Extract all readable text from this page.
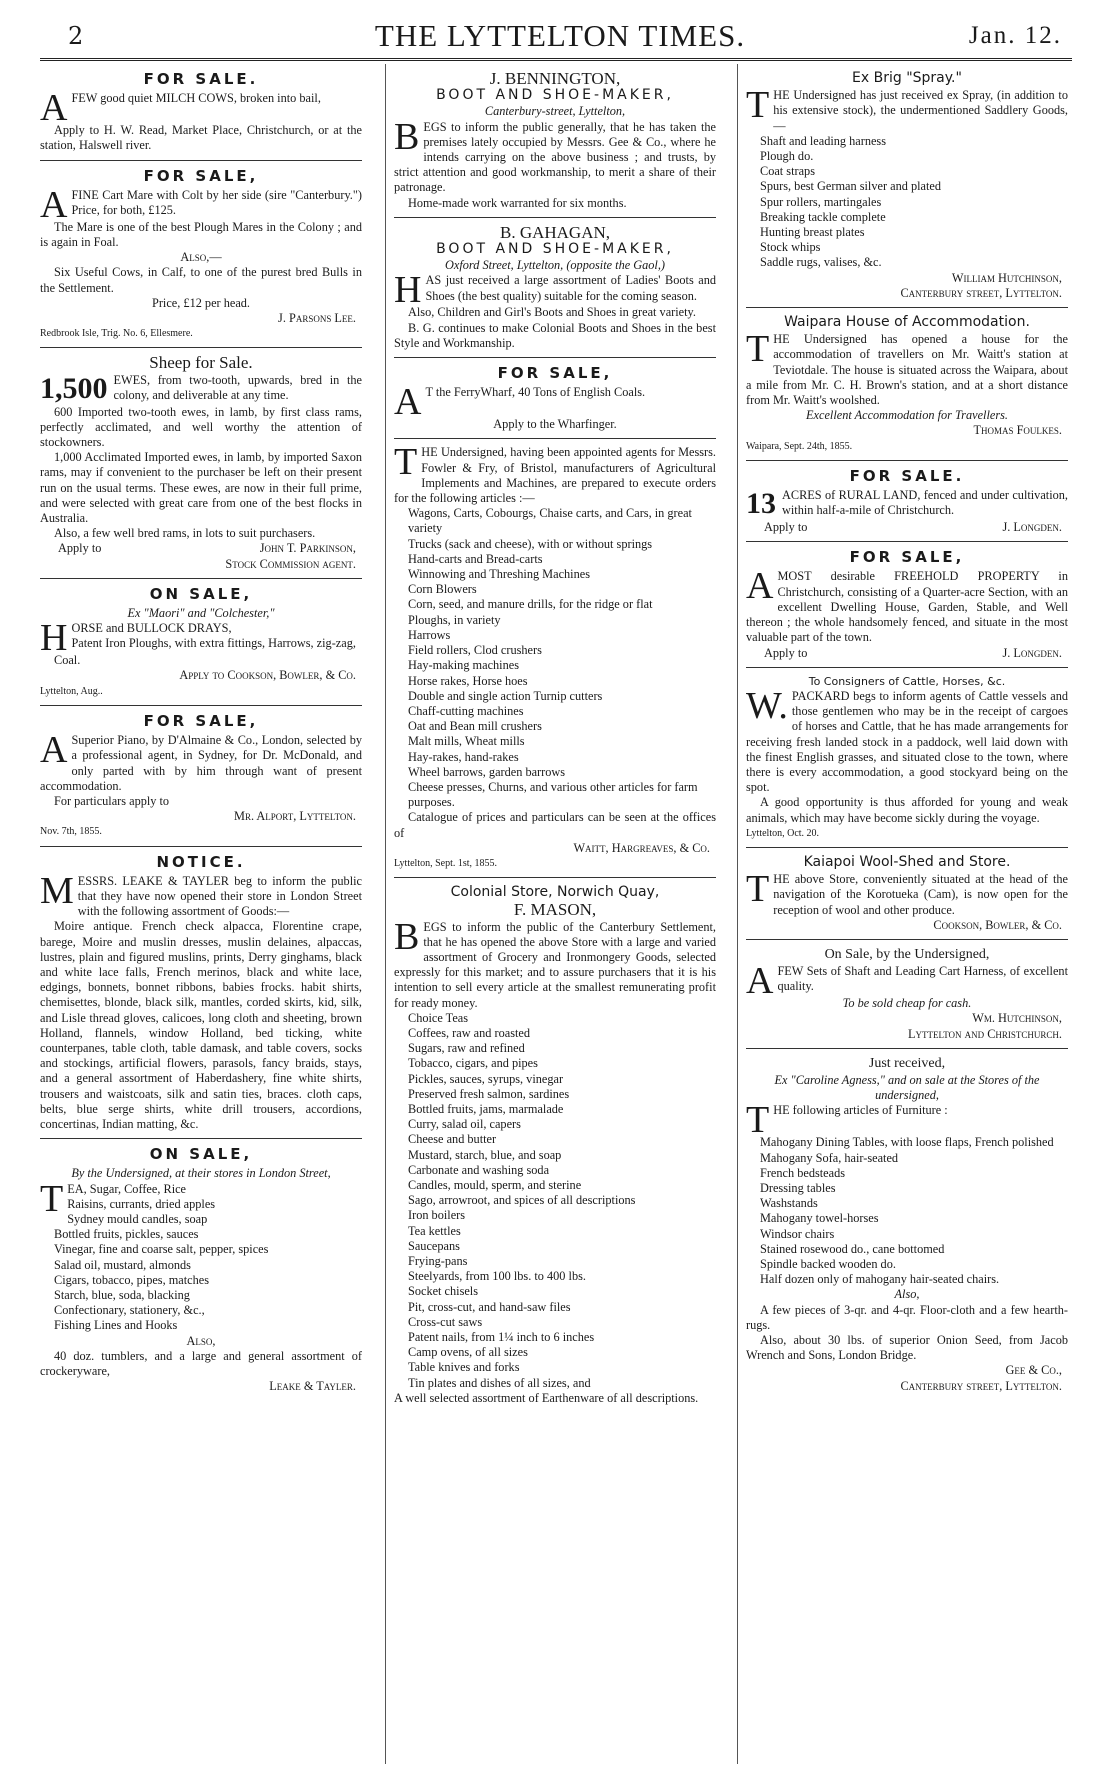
2	THE LYTTELTON TIMES.	Jan. 12.
FOR SALE.

AFEW good quiet MILCH COWS, broken into bail,

Apply to H. W. Read, Market Place, Christchurch, or at the station, Halswell river.

FOR SALE,

AFINE Cart Mare with Colt by her side (sire "Canterbury.") Price, for both, £125.

The Mare is one of the best Plough Mares in the Colony ; and is again in Foal.

Also,—

Six Useful Cows, in Calf, to one of the purest bred Bulls in the Settlement.

Price, £12 per head.
J. Parsons Lee.
Redbrook Isle, Trig. No. 6, Ellesmere.
Sheep for Sale.

1,500 EWES, from two-tooth, upwards, bred in the colony, and deliverable at any time.

600 Imported two-tooth ewes, in lamb, by first class rams, perfectly acclimated, and well worthy the attention of stockowners.

1,000 Acclimated Imported ewes, in lamb, by imported Saxon rams, may if convenient to the purchaser be left on their present run on the usual terms. These ewes, are now in their full prime, and were selected with great care from one of the best flocks in Australia.

Also, a few well bred rams, in lots to suit purchasers.

Apply to	John T. Parkinson,
Stock Commission agent.
ON SALE,
Ex "Maori" and "Colchester,"

HORSE and BULLOCK DRAYS,

Patent Iron Ploughs, with extra fittings, Harrows, zig-zag,

Coal.

Apply to Cookson, Bowler, & Co.
Lyttelton, Aug..
FOR SALE,

A Superior Piano, by D'Almaine & Co., London, selected by a professional agent, in Sydney, for Dr. McDonald, and only parted with by him through want of present accommodation.

For particulars apply to

Mr. Alport, Lyttelton.
Nov. 7th, 1855.
NOTICE.

MESSRS. LEAKE & TAYLER beg to inform the public that they have now opened their store in London Street with the following assortment of Goods:—

Moire antique. French check alpacca, Florentine crape, barege, Moire and muslin dresses, muslin delaines, alpaccas, lustres, plain and figured muslins, prints, Derry ginghams, black and white lace falls, French merinos, black and white lace, edgings, bonnets, bonnet ribbons, babies frocks. habit shirts, chemisettes, blonde, black silk, mantles, corded skirts, kid, silk, and Lisle thread gloves, calicoes, long cloth and sheeting, brown Holland, flannels, window Holland, bed ticking, white counterpanes, table cloth, table damask, and table covers, socks and stockings, artificial flowers, parasols, fancy braids, stays, and a general assortment of Haberdashery, fine white shirts, trousers and waistcoats, silk and satin ties, braces. cloth caps, belts, blue serge shirts, white drill trousers, accordions, concertinas, Indian matting, &c.

ON SALE,
By the Undersigned, at their stores in London Street,
T EA, Sugar, Coffee, Rice
Raisins, currants, dried apples
Sydney mould candles, soap
Bottled fruits, pickles, sauces
Vinegar, fine and coarse salt, pepper, spices
Salad oil, mustard, almonds
Cigars, tobacco, pipes, matches
Starch, blue, soda, blacking
Confectionary, stationery, &c.,
Fishing Lines and Hooks
Also,

40 doz. tumblers, and a large and general assortment of crockeryware,

Leake & Tayler.
J. BENNINGTON,
BOOT AND SHOE-MAKER,
Canterbury-street, Lyttelton,

BEGS to inform the public generally, that he has taken the premises lately occupied by Messrs. Gee & Co., where he intends carrying on the above business ; and trusts, by strict attention and good workmanship, to merit a share of their patronage.

Home-made work warranted for six months.

B. GAHAGAN,
BOOT AND SHOE-MAKER,
Oxford Street, Lyttelton, (opposite the Gaol,)

HAS just received a large assortment of Ladies' Boots and Shoes (the best quality) suitable for the coming season.

Also, Children and Girl's Boots and Shoes in great variety.

B. G. continues to make Colonial Boots and Shoes in the best Style and Workmanship.

FOR SALE,

A T the FerryWharf, 40 Tons of English Coals.

Apply to the Wharfinger.

THE Undersigned, having been appointed agents for Messrs. Fowler & Fry, of Bristol, manufacturers of Agricultural Implements and Machines, are prepared to execute orders for the following articles :—

Wagons, Carts, Cobourgs, Chaise carts, and Cars, in great variety
Trucks (sack and cheese), with or without springs
Hand-carts and Bread-carts
Winnowing and Threshing Machines
Corn Blowers
Corn, seed, and manure drills, for the ridge or flat
Ploughs, in variety
Harrows
Field rollers, Clod crushers
Hay-making machines
Horse rakes, Horse hoes
Double and single action Turnip cutters
Chaff-cutting machines
Oat and Bean mill crushers
Malt mills, Wheat mills
Hay-rakes, hand-rakes
Wheel barrows, garden barrows
Cheese presses, Churns, and various other articles for farm purposes.

Catalogue of prices and particulars can be seen at the offices of

Waitt, Hargreaves, & Co.
Lyttelton, Sept. 1st, 1855.
Colonial Store, Norwich Quay,
F. MASON,

BEGS to inform the public of the Canterbury Settlement, that he has opened the above Store with a large and varied assortment of Grocery and Ironmongery Goods, selected expressly for this market; and to assure purchasers that it is his intention to sell every article at the smallest remunerating profit for ready money.

Choice Teas
Coffees, raw and roasted
Sugars, raw and refined
Tobacco, cigars, and pipes
Pickles, sauces, syrups, vinegar
Preserved fresh salmon, sardines
Bottled fruits, jams, marmalade
Curry, salad oil, capers
Cheese and butter
Mustard, starch, blue, and soap
Carbonate and washing soda
Candles, mould, sperm, and sterine
Sago, arrowroot, and spices of all descriptions
Iron boilers
Tea kettles
Saucepans
Frying-pans
Steelyards, from 100 lbs. to 400 lbs.
Socket chisels
Pit, cross-cut, and hand-saw files
Cross-cut saws
Patent nails, from 1¼ inch to 6 inches
Camp ovens, of all sizes
Table knives and forks
Tin plates and dishes of all sizes, and

A well selected assortment of Earthenware of all descriptions.

Ex Brig "Spray."

THE Undersigned has just received ex Spray, (in addition to his extensive stock), the undermentioned Saddlery Goods,—

Shaft and leading harness
Plough do.
Coat straps
Spurs, best German silver and plated
Spur rollers, martingales
Breaking tackle complete
Hunting breast plates
Stock whips
Saddle rugs, valises, &c.
William Hutchinson,
Canterbury street, Lyttelton.
Waipara House of Accommodation.

THE Undersigned has opened a house for the accommodation of travellers on Mr. Waitt's station at Teviotdale. The house is situated across the Waipara, about a mile from Mr. C. H. Brown's station, and at a short distance from Mr. Waitt's woolshed.

Excellent Accommodation for Travellers.
Thomas Foulkes.
Waipara, Sept. 24th, 1855.
FOR SALE.

13 ACRES of RURAL LAND, fenced and under cultivation, within half-a-mile of Christchurch.

Apply to	J. Longden.
FOR SALE,

AMOST desirable FREEHOLD PROPERTY in Christchurch, consisting of a Quarter-acre Section, with an excellent Dwelling House, Garden, Stable, and Well thereon ; the whole handsomely fenced, and situate in the most valuable part of the town.

Apply to	J. Longden.
To Consigners of Cattle, Horses, &c.

W. PACKARD begs to inform agents of Cattle vessels and those gentlemen who may be in the receipt of cargoes of horses and Cattle, that he has made arrangements for receiving fresh landed stock in a paddock, well laid down with the finest English grasses, and situated close to the town, where there is every accommodation, a good stockyard being on the spot.

A good opportunity is thus afforded for young and weak animals, which may have become sickly during the voyage.

Lyttelton, Oct. 20.
Kaiapoi Wool-Shed and Store.

THE above Store, conveniently situated at the head of the navigation of the Korotueka (Cam), is now open for the reception of wool and other produce.

Cookson, Bowler, & Co.
On Sale, by the Undersigned,

AFEW Sets of Shaft and Leading Cart Harness, of excellent quality.

To be sold cheap for cash.
Wm. Hutchinson,
Lyttelton and Christchurch.
Just received,
Ex "Caroline Agness," and on sale at the Stores of the undersigned,

THE following articles of Furniture :

Mahogany Dining Tables, with loose flaps, French polished
Mahogany Sofa, hair-seated
French bedsteads
Dressing tables
Washstands
Mahogany towel-horses
Windsor chairs
Stained rosewood do., cane bottomed
Spindle backed wooden do.
Half dozen only of mahogany hair-seated chairs.
Also,

A few pieces of 3-qr. and 4-qr. Floor-cloth and a few hearth-rugs.

Also, about 30 lbs. of superior Onion Seed, from Jacob Wrench and Sons, London Bridge.

Gee & Co.,
Canterbury street, Lyttelton.
